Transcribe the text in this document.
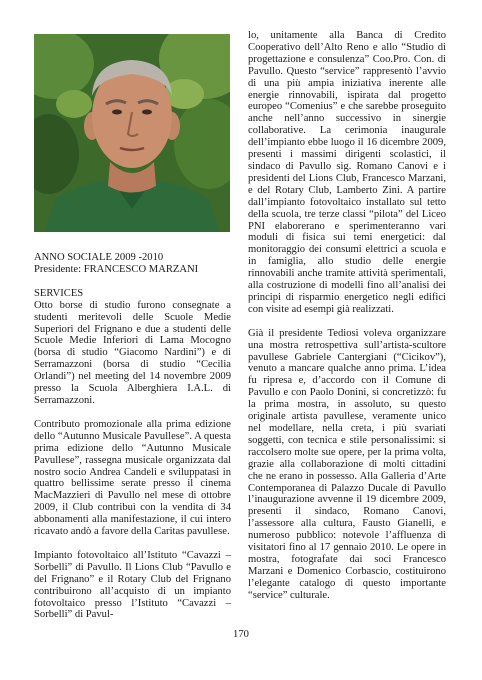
ANNO SOCIALE 2009 -2010

Presidente: FRANCESCO MARZANI

SERVICES

Otto borse di studio furono consegnate a studenti meritevoli delle Scuole Medie Superiori del Frignano e due a studenti delle Scuole Medie Inferiori di Lama Mocogno (borsa di studio “Giacomo Nardini”) e di Serramazzoni (borsa di studio “Cecilia Orlandi”) nel meeting del 14 novembre 2009 presso la Scuola Alberghiera I.A.L. di Serramazzoni.

Contributo promozionale alla prima edizione dello “Autunno Musicale Pavullese”. A questa prima edizione dello “Autunno Musicale Pavullese”, rassegna musicale organizzata dal nostro socio Andrea Candeli e sviluppatasi in quattro bellissime serate presso il cinema MacMazzieri di Pavullo nel mese di ottobre 2009, il Club contribuì con la vendita di 34 abbonamenti alla manifestazione, il cui intero ricavato andò a favore della Caritas pavullese.

Impianto fotovoltaico all’Istituto “Cavazzi – Sorbelli” di Pavullo. Il Lions Club “Pavullo e del Frignano” e il Rotary Club del Frignano contribuirono all’acquisto di un impianto fotovoltaico presso l’Istituto “Cavazzi – Sorbelli” di Pavul-

lo, unitamente alla Banca di Credito Cooperativo dell’Alto Reno e allo “Studio di progettazione e consulenza” Coo.Pro. Con. di Pavullo. Questo “service” rappresentò l’avvio di una più ampia iniziativa inerente alle energie rinnovabili, ispirata dal progetto europeo “Comenius” e che sarebbe proseguito anche nell’anno successivo in sinergie collaborative. La cerimonia inaugurale dell’impianto ebbe luogo il 16 dicembre 2009, presenti i massimi dirigenti scolastici, il sindaco di Pavullo sig. Romano Canovi e i presidenti del Lions Club, Francesco Marzani, e del Rotary Club, Lamberto Zini. A partire dall’impianto fotovoltaico installato sul tetto della scuola, tre terze classi “pilota” del Liceo PNI elaborerano e sperimenteranno vari moduli di fisica sui temi energetici: dal monitoraggio dei consumi elettrici a scuola e in famiglia, allo studio delle energie rinnovabili anche tramite attività sperimentali, alla costruzione di modelli fino all’analisi dei principi di risparmio energetico negli edifici con visite ad esempi già realizzati.

Già il presidente Tediosi voleva organizzare una mostra retrospettiva sull’artista-scultore pavullese Gabriele Cantergiani (“Cicikov”), venuto a mancare qualche anno prima. L’idea fu ripresa e, d’accordo con il Comune di Pavullo e con Paolo Donini, si concretizzò: fu la prima mostra, in assoluto, su questo originale artista pavullese, veramente unico nel modellare, nella creta, i più svariati soggetti, con tecnica e stile personalissimi: si raccolsero molte sue opere, per la prima volta, grazie alla collaborazione di molti cittadini che ne erano in possesso. Alla Galleria d’Arte Contemporanea di Palazzo Ducale di Pavullo l’inaugurazione avvenne il 19 dicembre 2009, presenti il sindaco, Romano Canovi, l’assessore alla cultura, Fausto Gianelli, e numeroso pubblico: notevole l’affluenza di visitatori fino al 17 gennaio 2010. Le opere in mostra, fotografate dai soci Francesco Marzani e Domenico Corbascio, costituirono l’elegante catalogo di questo importante “service” culturale.

170
